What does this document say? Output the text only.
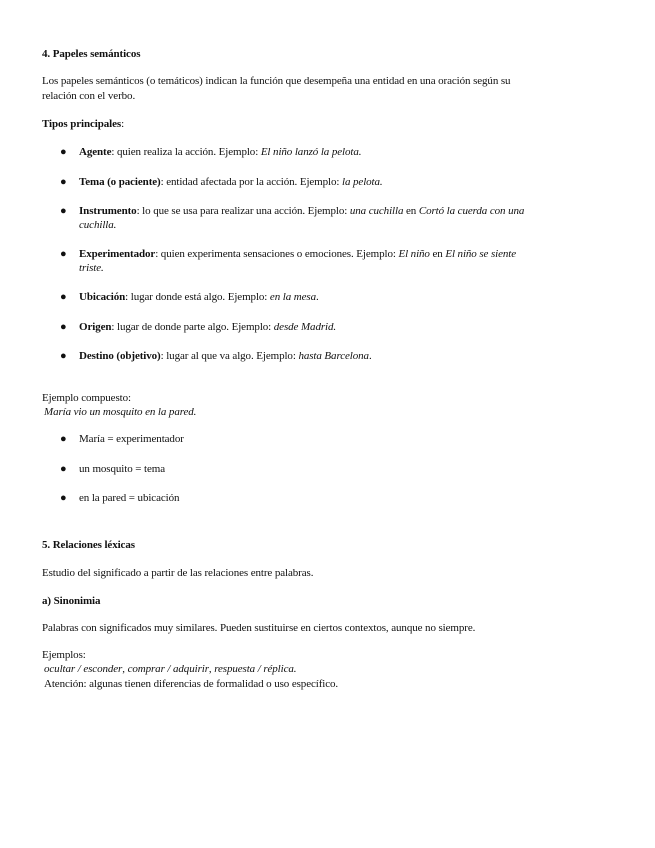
4. Papeles semánticos
Los papeles semánticos (o temáticos) indican la función que desempeña una entidad en una oración según su
relación con el verbo.
Tipos principales:
● Agente: quien realiza la acción. Ejemplo: El niño lanzó la pelota.
● Tema (o paciente): entidad afectada por la acción. Ejemplo: la pelota.
● Instrumento: lo que se usa para realizar una acción. Ejemplo: una cuchilla en Cortó la cuerda con una
cuchilla.
● Experimentador: quien experimenta sensaciones o emociones. Ejemplo: El niño en El niño se siente
triste.
● Ubicación: lugar donde está algo. Ejemplo: en la mesa.
● Origen: lugar de donde parte algo. Ejemplo: desde Madrid.
● Destino (objetivo): lugar al que va algo. Ejemplo: hasta Barcelona.
Ejemplo compuesto:
María vio un mosquito en la pared.
● María = experimentador
● un mosquito = tema
● en la pared = ubicación
5. Relaciones léxicas
Estudio del significado a partir de las relaciones entre palabras.
a) Sinonimia
Palabras con significados muy similares. Pueden sustituirse en ciertos contextos, aunque no siempre.
Ejemplos:
ocultar / esconder, comprar / adquirir, respuesta / réplica.
Atención: algunas tienen diferencias de formalidad o uso específico.
